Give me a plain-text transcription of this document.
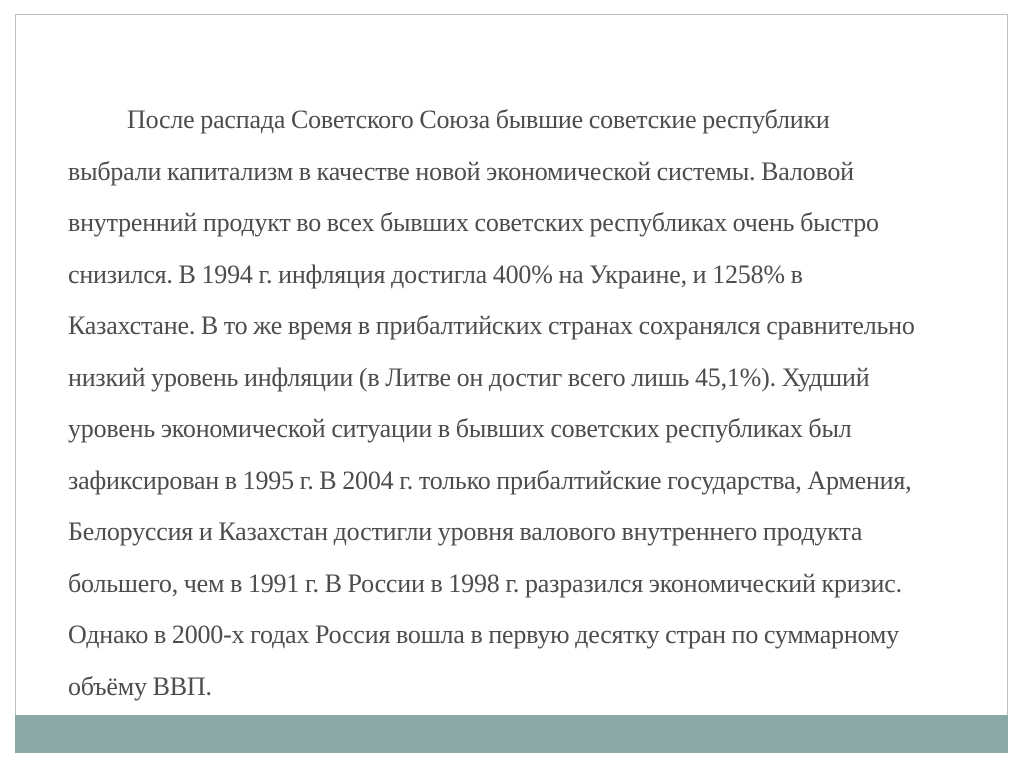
После распада Советского Союза бывшие советские республики
выбрали капитализм в качестве новой экономической системы. Валовой
внутренний продукт во всех бывших советских республиках очень быстро
снизился. В 1994 г. инфляция достигла 400% на Украине, и 1258% в
Казахстане. В то же время в прибалтийских странах сохранялся сравнительно
низкий уровень инфляции (в Литве он достиг всего лишь 45,1%). Худший
уровень экономической ситуации в бывших советских республиках был
зафиксирован в 1995 г. В 2004 г. только прибалтийские государства, Армения,
Белоруссия и Казахстан достигли уровня валового внутреннего продукта
большего, чем в 1991 г. В России в 1998 г. разразился экономический кризис.
Однако в 2000-х годах Россия вошла в первую десятку стран по суммарному
объёму ВВП.
